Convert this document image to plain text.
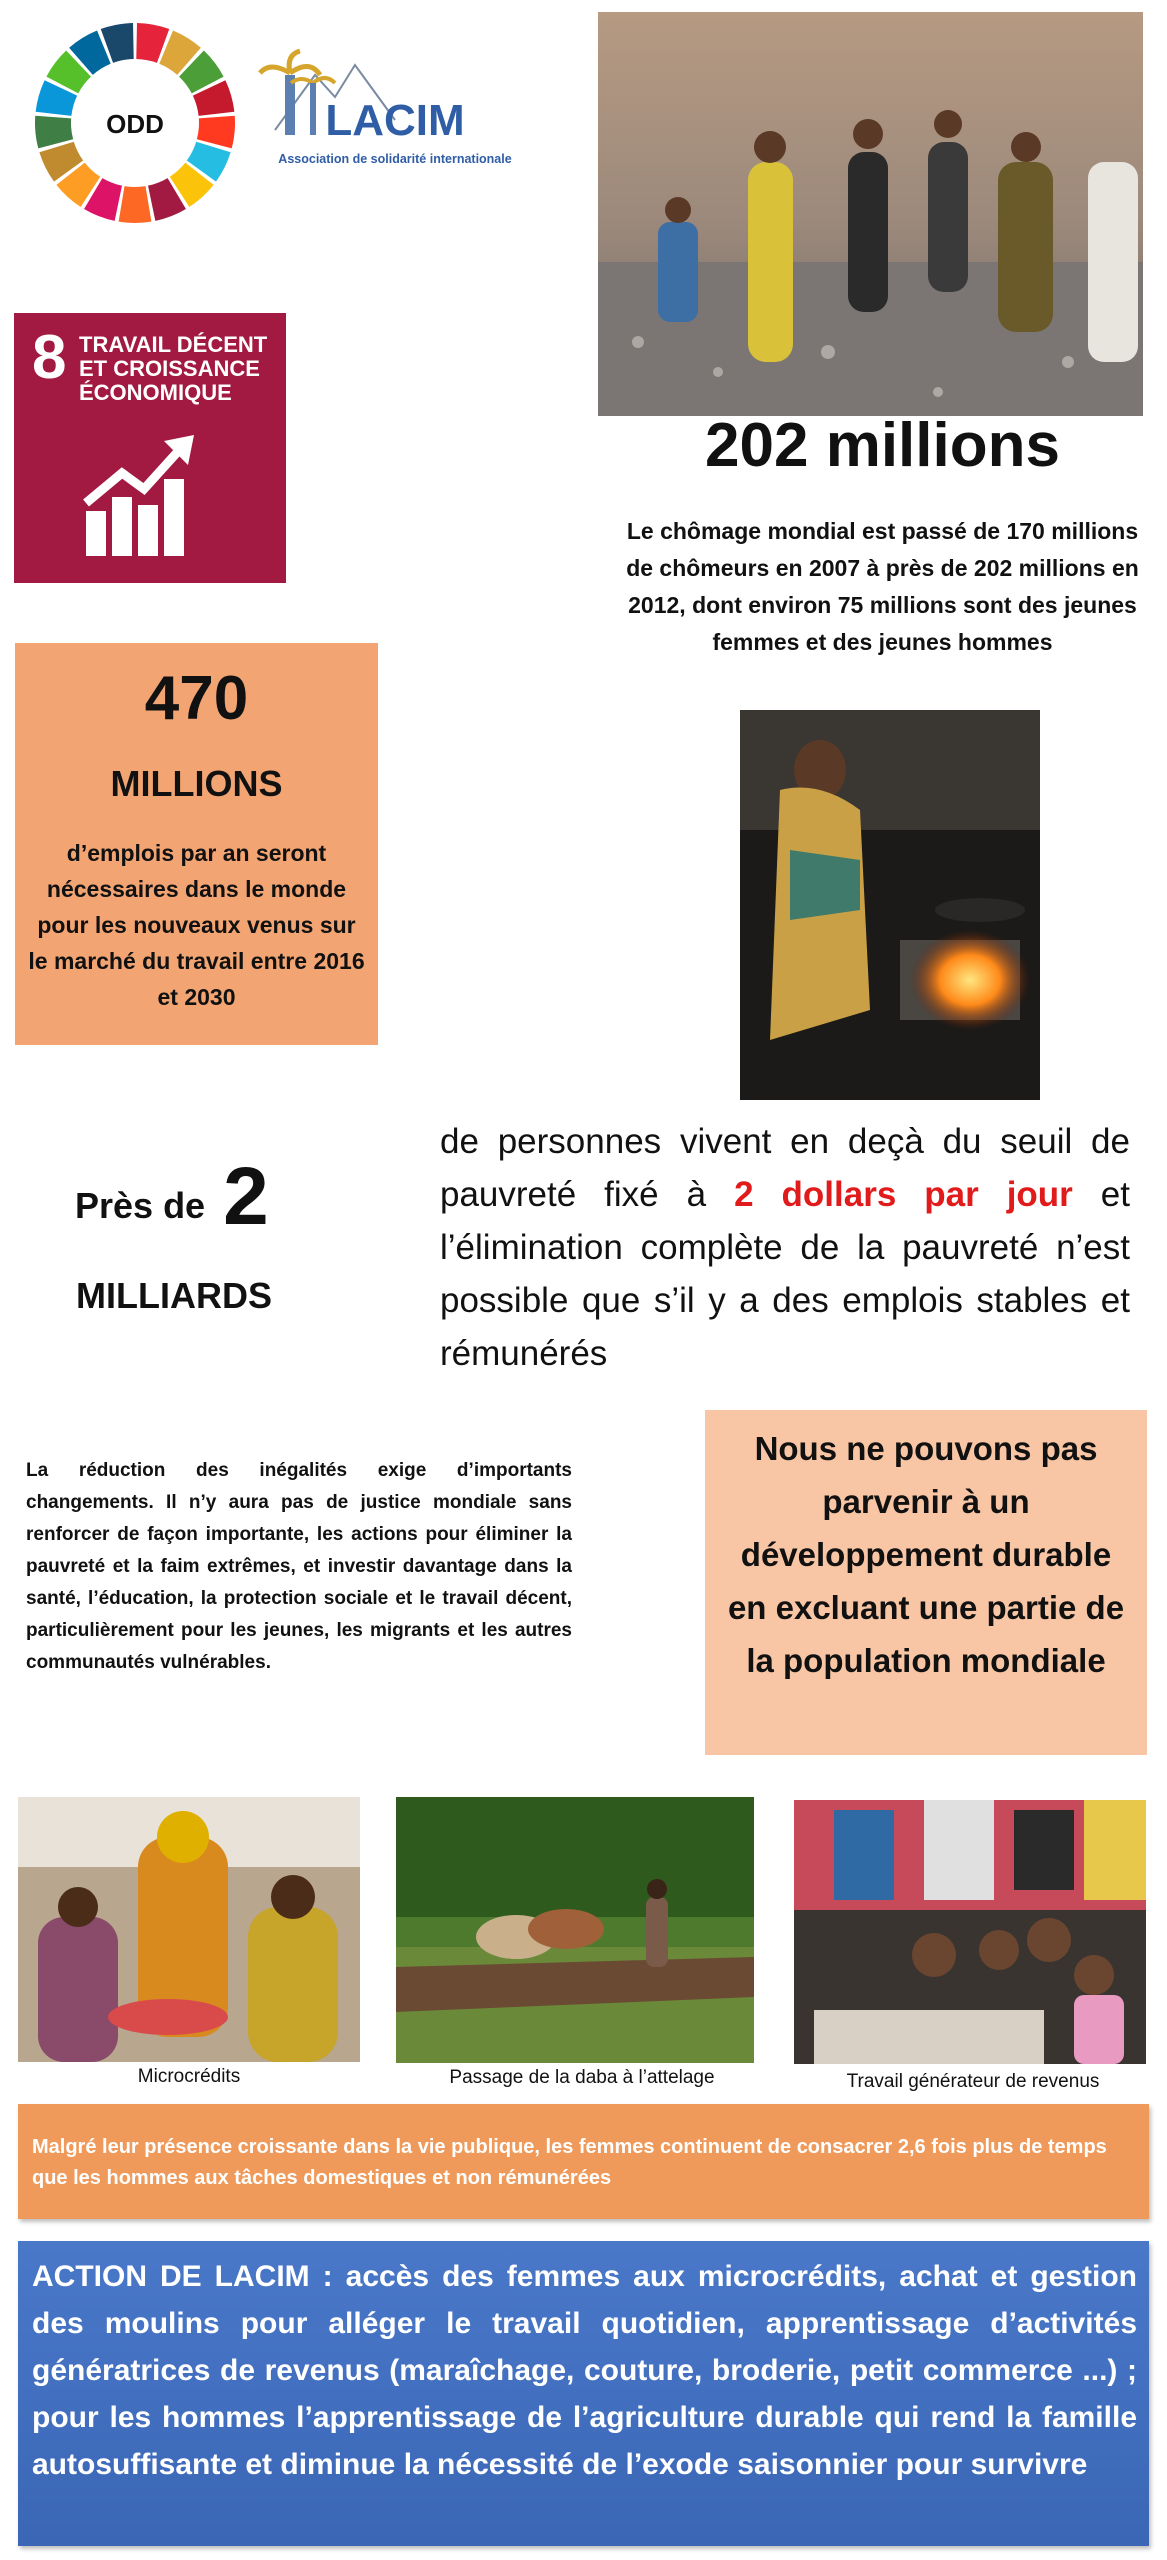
ODD	LACIM
Association de solidarité internationale
8 TRAVAIL DÉCENT
ET CROISSANCE
ÉCONOMIQUE
202 millions
Le chômage mondial est passé de 170 millions de chômeurs en 2007 à près de 202 millions en 2012, dont environ 75 millions sont des jeunes femmes et des jeunes hommes
470
MILLIONS
d’emplois par an seront nécessaires dans le monde pour les nouveaux venus sur le marché du travail entre 2016 et 2030
Près de 2
MILLIARDS
de personnes vivent en deçà du seuil de pauvreté fixé à 2 dollars par jour et l’élimination complète de la pauvreté n’est possible que s’il y a des emplois stables et rémunérés
La réduction des inégalités exige d’importants changements. Il n’y aura pas de justice mondiale sans renforcer de façon importante, les actions pour éliminer la pauvreté et la faim extrêmes, et investir davantage dans la santé, l’éducation, la protection sociale et le travail décent, particulièrement pour les jeunes, les migrants et les autres communautés vulnérables.
Nous ne pouvons pas parvenir à un développement durable en excluant une partie de la population mondiale
Microcrédits	Passage de la daba à l’attelage	Travail générateur de revenus
Malgré leur présence croissante dans la vie publique, les femmes continuent de consacrer 2,6 fois plus de temps que les hommes aux tâches domestiques et non rémunérées
ACTION DE LACIM : accès des femmes aux microcrédits, achat et gestion des moulins pour alléger le travail quotidien, apprentissage d’activités génératrices de revenus (maraîchage, couture, broderie, petit commerce ...) ; pour les hommes l’apprentissage de l’agriculture durable qui rend la famille autosuffisante et diminue la nécessité de l’exode saisonnier pour survivre
